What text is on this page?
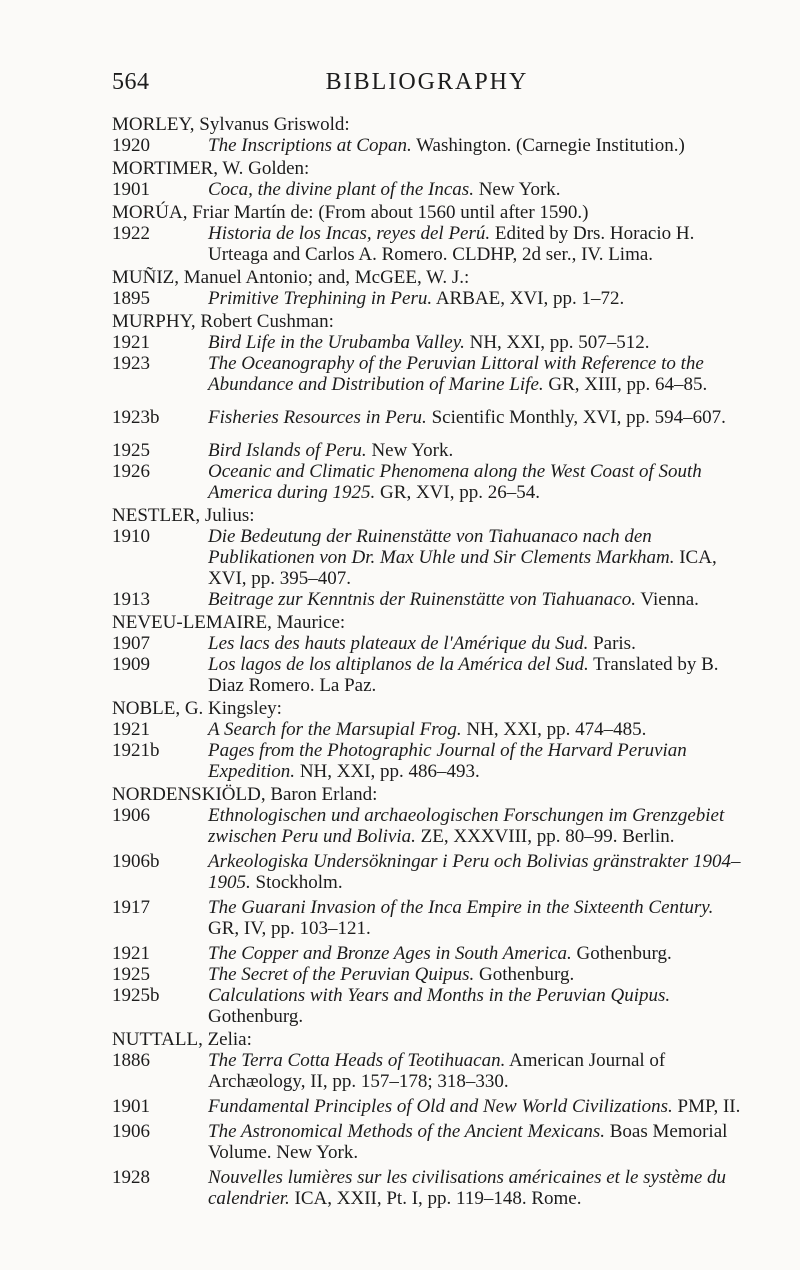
564	BIBLIOGRAPHY
MORLEY, Sylvanus Griswold:
1920	The Inscriptions at Copan. Washington. (Carnegie Institution.)
MORTIMER, W. Golden:
1901	Coca, the divine plant of the Incas. New York.
MORÚA, Friar Martín de: (From about 1560 until after 1590.)
1922	Historia de los Incas, reyes del Perú. Edited by Drs. Horacio H. Urteaga and Carlos A. Romero. CLDHP, 2d ser., IV. Lima.
MUÑIZ, Manuel Antonio; and, McGEE, W. J.:
1895	Primitive Trephining in Peru. ARBAE, XVI, pp. 1–72.
MURPHY, Robert Cushman:
1921	Bird Life in the Urubamba Valley. NH, XXI, pp. 507–512.
1923	The Oceanography of the Peruvian Littoral with Reference to the Abundance and Distribution of Marine Life. GR, XIII, pp. 64–85.
1923b	Fisheries Resources in Peru. Scientific Monthly, XVI, pp. 594–607.
1925	Bird Islands of Peru. New York.
1926	Oceanic and Climatic Phenomena along the West Coast of South America during 1925. GR, XVI, pp. 26–54.
NESTLER, Julius:
1910	Die Bedeutung der Ruinenstätte von Tiahuanaco nach den Publikationen von Dr. Max Uhle und Sir Clements Markham. ICA, XVI, pp. 395–407.
1913	Beitrage zur Kenntnis der Ruinenstätte von Tiahuanaco. Vienna.
NEVEU-LEMAIRE, Maurice:
1907	Les lacs des hauts plateaux de l'Amérique du Sud. Paris.
1909	Los lagos de los altiplanos de la América del Sud. Translated by B. Diaz Romero. La Paz.
NOBLE, G. Kingsley:
1921	A Search for the Marsupial Frog. NH, XXI, pp. 474–485.
1921b	Pages from the Photographic Journal of the Harvard Peruvian Expedition. NH, XXI, pp. 486–493.
NORDENSKIÖLD, Baron Erland:
1906	Ethnologischen und archaeologischen Forschungen im Grenzgebiet zwischen Peru und Bolivia. ZE, XXXVIII, pp. 80–99. Berlin.
1906b	Arkeologiska Undersökningar i Peru och Bolivias gränstrakter 1904–1905. Stockholm.
1917	The Guarani Invasion of the Inca Empire in the Sixteenth Century. GR, IV, pp. 103–121.
1921	The Copper and Bronze Ages in South America. Gothenburg.
1925	The Secret of the Peruvian Quipus. Gothenburg.
1925b	Calculations with Years and Months in the Peruvian Quipus. Gothenburg.
NUTTALL, Zelia:
1886	The Terra Cotta Heads of Teotihuacan. American Journal of Archæology, II, pp. 157–178; 318–330.
1901	Fundamental Principles of Old and New World Civilizations. PMP, II.
1906	The Astronomical Methods of the Ancient Mexicans. Boas Memorial Volume. New York.
1928	Nouvelles lumières sur les civilisations américaines et le système du calendrier. ICA, XXII, Pt. I, pp. 119–148. Rome.
